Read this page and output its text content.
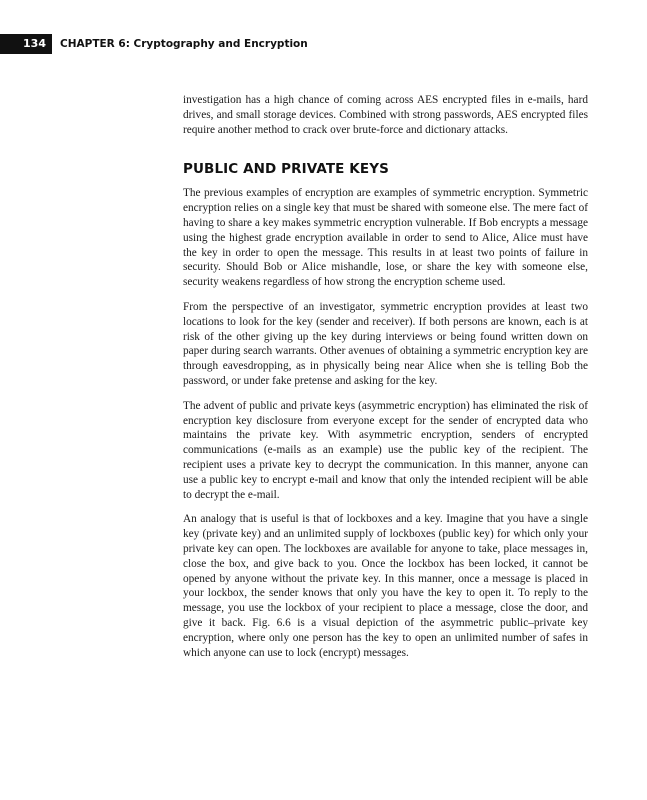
134	CHAPTER 6: Cryptography and Encryption

investigation has a high chance of coming across AES encrypted files in e-mails, hard drives, and small storage devices. Combined with strong passwords, AES encrypted files require another method to crack over brute-force and dictionary attacks.

PUBLIC AND PRIVATE KEYS

The previous examples of encryption are examples of symmetric encryption. Symmetric encryption relies on a single key that must be shared with someone else. The mere fact of having to share a key makes symmetric encryption vulnerable. If Bob encrypts a message using the highest grade encryption available in order to send to Alice, Alice must have the key in order to open the message. This results in at least two points of failure in security. Should Bob or Alice mishandle, lose, or share the key with someone else, security weakens regardless of how strong the encryption scheme used.

From the perspective of an investigator, symmetric encryption provides at least two locations to look for the key (sender and receiver). If both persons are known, each is at risk of the other giving up the key during interviews or being found written down on paper during search warrants. Other avenues of obtaining a symmetric encryption key are through eavesdropping, as in physically being near Alice when she is telling Bob the password, or under fake pretense and asking for the key.

The advent of public and private keys (asymmetric encryption) has eliminated the risk of encryption key disclosure from everyone except for the sender of encrypted data who maintains the private key. With asymmetric encryption, senders of encrypted communications (e-mails as an example) use the public key of the recipient. The recipient uses a private key to decrypt the communication. In this manner, anyone can use a public key to encrypt e-mail and know that only the intended recipient will be able to decrypt the e-mail.

An analogy that is useful is that of lockboxes and a key. Imagine that you have a single key (private key) and an unlimited supply of lockboxes (public key) for which only your private key can open. The lockboxes are available for anyone to take, place messages in, close the box, and give back to you. Once the lockbox has been locked, it cannot be opened by anyone without the private key. In this manner, once a message is placed in your lockbox, the sender knows that only you have the key to open it. To reply to the message, you use the lockbox of your recipient to place a message, close the door, and give it back. Fig. 6.6 is a visual depiction of the asymmetric public–private key encryption, where only one person has the key to open an unlimited number of safes in which anyone can use to lock (encrypt) messages.
